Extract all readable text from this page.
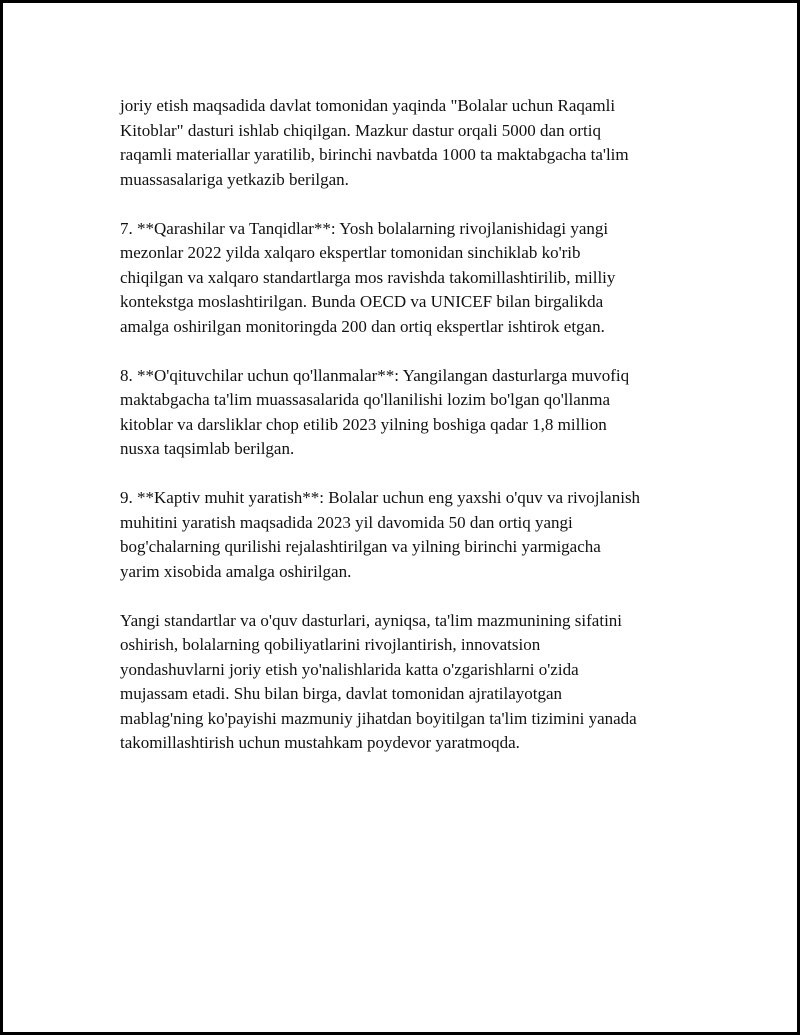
joriy etish maqsadida davlat tomonidan yaqinda "Bolalar uchun Raqamli
Kitoblar" dasturi ishlab chiqilgan. Mazkur dastur orqali 5000 dan ortiq
raqamli materiallar yaratilib, birinchi navbatda 1000 ta maktabgacha ta'lim
muassasalariga yetkazib berilgan.

7. **Qarashilar va Tanqidlar**: Yosh bolalarning rivojlanishidagi yangi
mezonlar 2022 yilda xalqaro ekspertlar tomonidan sinchiklab ko'rib
chiqilgan va xalqaro standartlarga mos ravishda takomillashtirilib, milliy
kontekstga moslashtirilgan. Bunda OECD va UNICEF bilan birgalikda
amalga oshirilgan monitoringda 200 dan ortiq ekspertlar ishtirok etgan.

8. **O'qituvchilar uchun qo'llanmalar**: Yangilangan dasturlarga muvofiq
maktabgacha ta'lim muassasalarida qo'llanilishi lozim bo'lgan qo'llanma
kitoblar va darsliklar chop etilib 2023 yilning boshiga qadar 1,8 million
nusxa taqsimlab berilgan.

9. **Kaptiv muhit yaratish**: Bolalar uchun eng yaxshi o'quv va rivojlanish
muhitini yaratish maqsadida 2023 yil davomida 50 dan ortiq yangi
bog'chalarning qurilishi rejalashtirilgan va yilning birinchi yarmigacha
yarim xisobida amalga oshirilgan.

Yangi standartlar va o'quv dasturlari, ayniqsa, ta'lim mazmunining sifatini
oshirish, bolalarning qobiliyatlarini rivojlantirish, innovatsion
yondashuvlarni joriy etish yo'nalishlarida katta o'zgarishlarni o'zida
mujassam etadi. Shu bilan birga, davlat tomonidan ajratilayotgan
mablag'ning ko'payishi mazmuniy jihatdan boyitilgan ta'lim tizimini yanada
takomillashtirish uchun mustahkam poydevor yaratmoqda.
